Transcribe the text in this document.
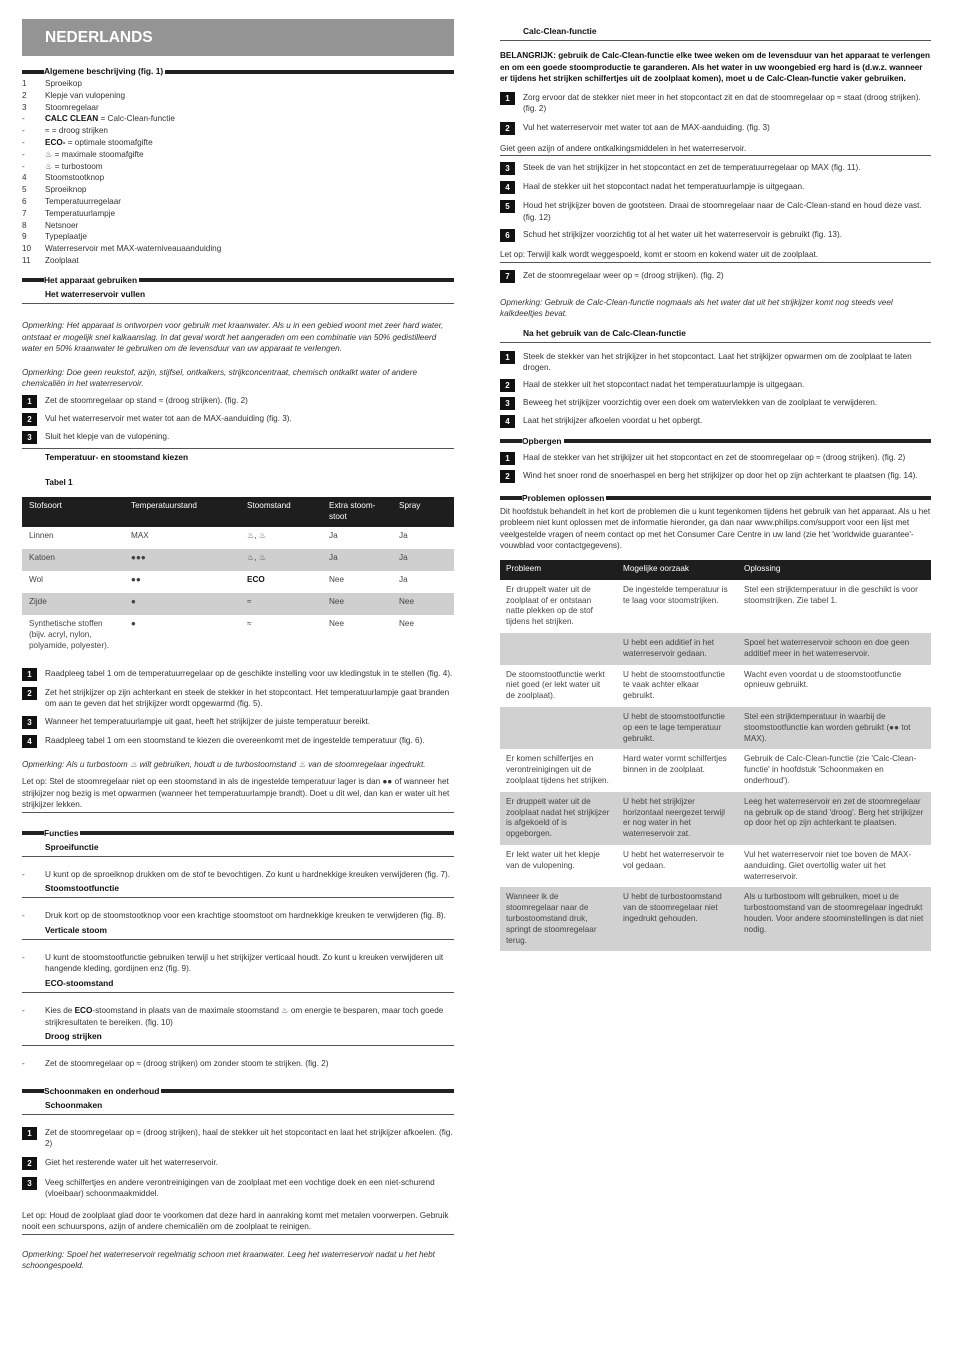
NEDERLANDS
Algemene beschrijving (fig. 1)
1	Sproeikop
2	Klepje van vulopening
3	Stoomregelaar
-	CALC CLEAN = Calc-Clean-functie
-	≈ = droog strijken
-	ECO- = optimale stoomafgifte
-	♨ = maximale stoomafgifte
-	♨ = turbostoom
4	Stoomstootknop
5	Sproeiknop
6	Temperatuurregelaar
7	Temperatuurlampje
8	Netsnoer
9	Typeplaatje
10	Waterreservoir met MAX-waterniveauaanduiding
11	Zoolplaat
Het apparaat gebruiken
Het waterreservoir vullen
Opmerking: Het apparaat is ontworpen voor gebruik met kraanwater. Als u in een gebied woont met zeer hard water, ontstaat er mogelijk snel kalkaanslag. In dat geval wordt het aangeraden om een combinatie van 50% gedistilleerd water en 50% kraanwater te gebruiken om de levensduur van uw apparaat te verlengen.
Opmerking: Doe geen reukstof, azijn, stijfsel, ontkalkers, strijkconcentraat, chemisch ontkalkt water of andere chemicaliën in het waterreservoir.
1	Zet de stoomregelaar op stand ≈ (droog strijken). (fig. 2)
2	Vul het waterreservoir met water tot aan de MAX-aanduiding (fig. 3).
3	Sluit het klepje van de vulopening.
Temperatuur- en stoomstand kiezen
Tabel 1
Stofsoort	Temperatuurstand	Stoomstand	Extra stoom-stoot	Spray
Linnen	MAX	♨, ♨	Ja	Ja
Katoen	●●●	♨, ♨	Ja	Ja
Wol	●●	ECO	Nee	Ja
Zijde	●	≈	Nee	Nee
Synthetische stoffen (bijv. acryl, nylon, polyamide, polyester).	●	≈	Nee	Nee
1	Raadpleeg tabel 1 om de temperatuurregelaar op de geschikte instelling voor uw kledingstuk in te stellen (fig. 4).
2	Zet het strijkijzer op zijn achterkant en steek de stekker in het stopcontact. Het temperatuurlampje gaat branden om aan te geven dat het strijkijzer wordt opgewarmd (fig. 5).
3	Wanneer het temperatuurlampje uit gaat, heeft het strijkijzer de juiste temperatuur bereikt.
4	Raadpleeg tabel 1 om een stoomstand te kiezen die overeenkomt met de ingestelde temperatuur (fig. 6).
Opmerking: Als u turbostoom ♨ wilt gebruiken, houdt u de turbostoomstand ♨ van de stoomregelaar ingedrukt.
Let op: Stel de stoomregelaar niet op een stoomstand in als de ingestelde temperatuur lager is dan ●● of wanneer het strijkijzer nog bezig is met opwarmen (wanneer het temperatuurlampje brandt). Doet u dit wel, dan kan er water uit het strijkijzer lekken.
Functies
Sproeifunctie
-	U kunt op de sproeiknop drukken om de stof te bevochtigen. Zo kunt u hardnekkige kreuken verwijderen (fig. 7).
Stoomstootfunctie
-	Druk kort op de stoomstootknop voor een krachtige stoomstoot om hardnekkige kreuken te verwijderen (fig. 8).
Verticale stoom
-	U kunt de stoomstootfunctie gebruiken terwijl u het strijkijzer verticaal houdt. Zo kunt u kreuken verwijderen uit hangende kleding, gordijnen enz (fig. 9).
ECO-stoomstand
-	Kies de ECO-stoomstand in plaats van de maximale stoomstand ♨ om energie te besparen, maar toch goede strijkresultaten te bereiken. (fig. 10)
Droog strijken
-	Zet de stoomregelaar op ≈ (droog strijken) om zonder stoom te strijken. (fig. 2)
Schoonmaken en onderhoud
Schoonmaken
1	Zet de stoomregelaar op ≈ (droog strijken), haal de stekker uit het stopcontact en laat het strijkijzer afkoelen. (fig. 2)
2	Giet het resterende water uit het waterreservoir.
3	Veeg schilfertjes en andere verontreinigingen van de zoolplaat met een vochtige doek en een niet-schurend (vloeibaar) schoonmaakmiddel.
Let op: Houd de zoolplaat glad door te voorkomen dat deze hard in aanraking komt met metalen voorwerpen. Gebruik nooit een schuurspons, azijn of andere chemicaliën om de zoolplaat te reinigen.
Opmerking: Spoel het waterreservoir regelmatig schoon met kraanwater. Leeg het waterreservoir nadat u het hebt schoongespoeld.
Calc-Clean-functie
BELANGRIJK: gebruik de Calc-Clean-functie elke twee weken om de levensduur van het apparaat te verlengen en om een goede stoomproductie te garanderen. Als het water in uw woongebied erg hard is (d.w.z. wanneer er tijdens het strijken schilfertjes uit de zoolplaat komen), moet u de Calc-Clean-functie vaker gebruiken.
1	Zorg ervoor dat de stekker niet meer in het stopcontact zit en dat de stoomregelaar op ≈ staat (droog strijken). (fig. 2)
2	Vul het waterreservoir met water tot aan de MAX-aanduiding. (fig. 3)
Giet geen azijn of andere ontkalkingsmiddelen in het waterreservoir.
3	Steek de van het strijkijzer in het stopcontact en zet de temperatuurregelaar op MAX (fig. 11).
4	Haal de stekker uit het stopcontact nadat het temperatuurlampje is uitgegaan.
5	Houd het strijkijzer boven de gootsteen. Draai de stoomregelaar naar de Calc-Clean-stand en houd deze vast. (fig. 12)
6	Schud het strijkijzer voorzichtig tot al het water uit het waterreservoir is gebruikt (fig. 13).
Let op: Terwijl kalk wordt weggespoeld, komt er stoom en kokend water uit de zoolplaat.
7	Zet de stoomregelaar weer op ≈ (droog strijken). (fig. 2)
Opmerking: Gebruik de Calc-Clean-functie nogmaals als het water dat uit het strijkijzer komt nog steeds veel kalkdeeltjes bevat.
Na het gebruik van de Calc-Clean-functie
1	Steek de stekker van het strijkijzer in het stopcontact. Laat het strijkijzer opwarmen om de zoolplaat te laten drogen.
2	Haal de stekker uit het stopcontact nadat het temperatuurlampje is uitgegaan.
3	Beweeg het strijkijzer voorzichtig over een doek om watervlekken van de zoolplaat te verwijderen.
4	Laat het strijkijzer afkoelen voordat u het opbergt.
Opbergen
1	Haal de stekker van het strijkijzer uit het stopcontact en zet de stoomregelaar op ≈ (droog strijken). (fig. 2)
2	Wind het snoer rond de snoerhaspel en berg het strijkijzer op door het op zijn achterkant te plaatsen (fig. 14).
Problemen oplossen
Dit hoofdstuk behandelt in het kort de problemen die u kunt tegenkomen tijdens het gebruik van het apparaat. Als u het probleem niet kunt oplossen met de informatie hieronder, ga dan naar www.philips.com/support voor een lijst met veelgestelde vragen of neem contact op met het Consumer Care Centre in uw land (zie het 'worldwide guarantee'-vouwblad voor contactgegevens).
Probleem	Mogelijke oorzaak	Oplossing
Er druppelt water uit de zoolplaat of er ontstaan natte plekken op de stof tijdens het strijken.	De ingestelde temperatuur is te laag voor stoomstrijken.	Stel een strijktemperatuur in die geschikt is voor stoomstrijken. Zie tabel 1.
	U hebt een additief in het waterreservoir gedaan.	Spoel het waterreservoir schoon en doe geen additief meer in het waterreservoir.
De stoomstootfunctie werkt niet goed (er lekt water uit de zoolplaat).	U hebt de stoomstootfunctie te vaak achter elkaar gebruikt.	Wacht even voordat u de stoomstootfunctie opnieuw gebruikt.
	U hebt de stoomstootfunctie op een te lage temperatuur gebruikt.	Stel een strijktemperatuur in waarbij de stoomstootfunctie kan worden gebruikt (●● tot MAX).
Er komen schilfertjes en verontreinigingen uit de zoolplaat tijdens het strijken.	Hard water vormt schilfertjes binnen in de zoolplaat.	Gebruik de Calc-Clean-functie (zie 'Calc-Clean-functie' in hoofdstuk 'Schoonmaken en onderhoud').
Er druppelt water uit de zoolplaat nadat het strijkijzer is afgekoeld of is opgeborgen.	U hebt het strijkijzer horizontaal neergezet terwijl er nog water in het waterreservoir zat.	Leeg het waterreservoir en zet de stoomregelaar na gebruik op de stand 'droog'. Berg het strijkijzer op door het op zijn achterkant te plaatsen.
Er lekt water uit het klepje van de vulopening.	U hebt het waterreservoir te vol gedaan.	Vul het waterreservoir niet toe boven de MAX-aanduiding. Giet overtollig water uit het waterreservoir.
Wanneer ik de stoomregelaar naar de turbostoomstand druk, springt de stoomregelaar terug.	U hebt de turbostoomstand van de stoomregelaar niet ingedrukt gehouden.	Als u turbostoom wilt gebruiken, moet u de turbostoomstand van de stoomregelaar ingedrukt houden. Voor andere stoominstellingen is dat niet nodig.
